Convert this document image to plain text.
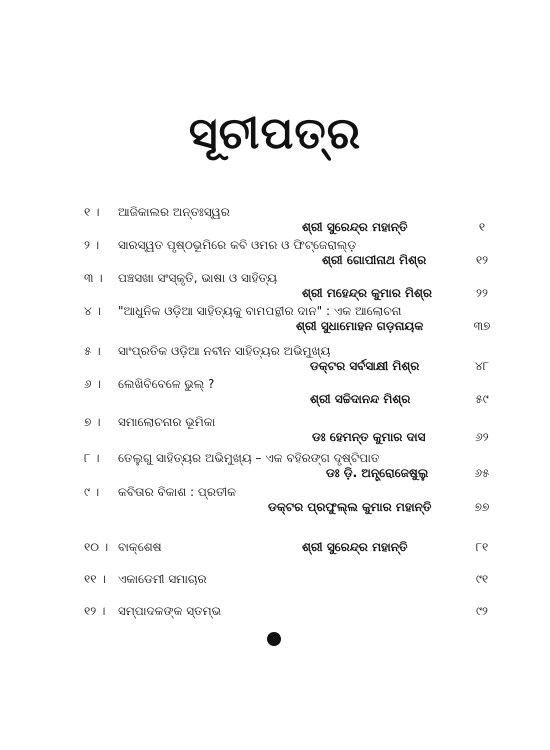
ସୂଚୀପତ୍ର
୧ ।	ଆଜିକାଲର ଅନ୍ତଃସ୍ୱର
ଶ୍ରୀ ସୁରେନ୍ଦ୍ର ମହାନ୍ତି	୧
୨ ।	ସାରସ୍ୱତ ପୃଷ୍ଠଭୂମିରେ କବି ଓମର ଓ ଫିଟ୍‌ଜେରାଲ୍ଡ଼
ଶ୍ରୀ ଗୋପୀନାଥ ମିଶ୍ର	୧୨
୩ ।	ପଞ୍ଚସଖା ସଂସ୍କୃତି, ଭାଷା ଓ ସାହିତ୍ୟ
ଶ୍ରୀ ମହେନ୍ଦ୍ର କୁମାର ମିଶ୍ର	୨୨
୪ ।	"ଆଧୁନିକ ଓଡ଼ିଆ ସାହିତ୍ୟକୁ ବାମପନ୍ଥୀର ଦାନ" : ଏକ ଆଲୋଚନା
ଶ୍ରୀ ସୁଧାମୋହନ ଗଡ଼ନାୟକ	୩୭
୫ ।	ସାଂପ୍ରତିକ ଓଡ଼ିଆ ନବୀନ ସାହିତ୍ୟର ଅଭିମୁଖ୍ୟ
ଡକ୍ଟର ସର୍ବସାକ୍ଷୀ ମିଶ୍ର	୪୮
୬ ।	ଲେଖିବିବେଳେ ଭୁଲ୍ ?
ଶ୍ରୀ ସଚ୍ଚିଦାନନ୍ଦ ମିଶ୍ର	୫୯
୭ ।	ସମାଲୋଚନାର ଭୂମିକା
ଡଃ ହେମନ୍ତ କୁମାର ଦାସ	୬୨
୮ ।	ତେଲୁଗୁ ସାହିତ୍ୟର ଅଭିମୁଖ୍ୟ – ଏକ ବହିରଙ୍ଗ ଦୃଷ୍ଟିପାତ
ଡଃ ଡ଼ି. ଅନ୍ତ୍ରୋଜେଷୁଲୁ	୬୫
୯ ।	କବିତାର ବିକାଶ : ପ୍ରତୀକ
ଡକ୍ଟର ପ୍ରଫୁଲ୍ଲ କୁମାର ମହାନ୍ତି	୭୭
୧୦ । ବାକ୍‌ଶେଷ	ଶ୍ରୀ ସୁରେନ୍ଦ୍ର ମହାନ୍ତି	୮୧
୧୧ ।	ଏକାଡେମୀ ସମାଚାର	୯୧
୧୨ ।	ସମ୍ପାଦକଙ୍କ ସ୍ତମ୍ଭ	୯୨
